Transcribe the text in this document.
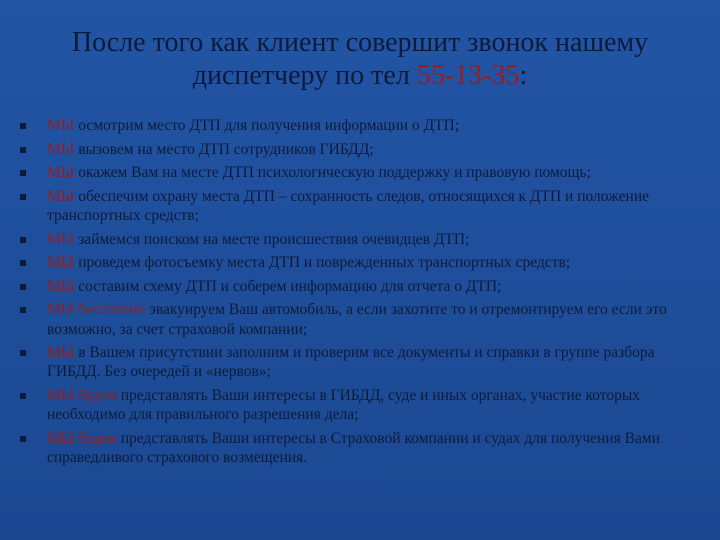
После того как клиент совершит звонок нашему
диспетчеру по тел 55-13-35:
МЫ осмотрим место ДТП для получения информации о ДТП;
МЫ вызовем на место ДТП сотрудников ГИБДД;
МЫ окажем Вам на месте ДТП психологическую поддержку и правовую помощь;
МЫ обеспечим охрану места ДТП – сохранность следов, относящихся к ДТП и положение транспортных средств;
МЫ займемся поиском на месте происшествия очевидцев ДТП;
МЫ проведем фотосъемку места ДТП и поврежденных транспортных средств;
МЫ составим схему ДТП и соберем информацию для отчета о ДТП;
МЫ бесплатно эвакуируем Ваш автомобиль, а если захотите то и отремонтируем его если это возможно, за счет страховой компании;
МЫ в Вашем присутствии заполним и проверим все документы и справки в группе разбора ГИБДД. Без очередей и «нервов»;
МЫ будем представлять Ваши интересы в ГИБДД, суде и иных органах, участие которых необходимо для правильного разрешения дела;
МЫ будем представлять Ваши интересы в Страховой компании и судах для получения Вами справедливого страхового возмещения.
